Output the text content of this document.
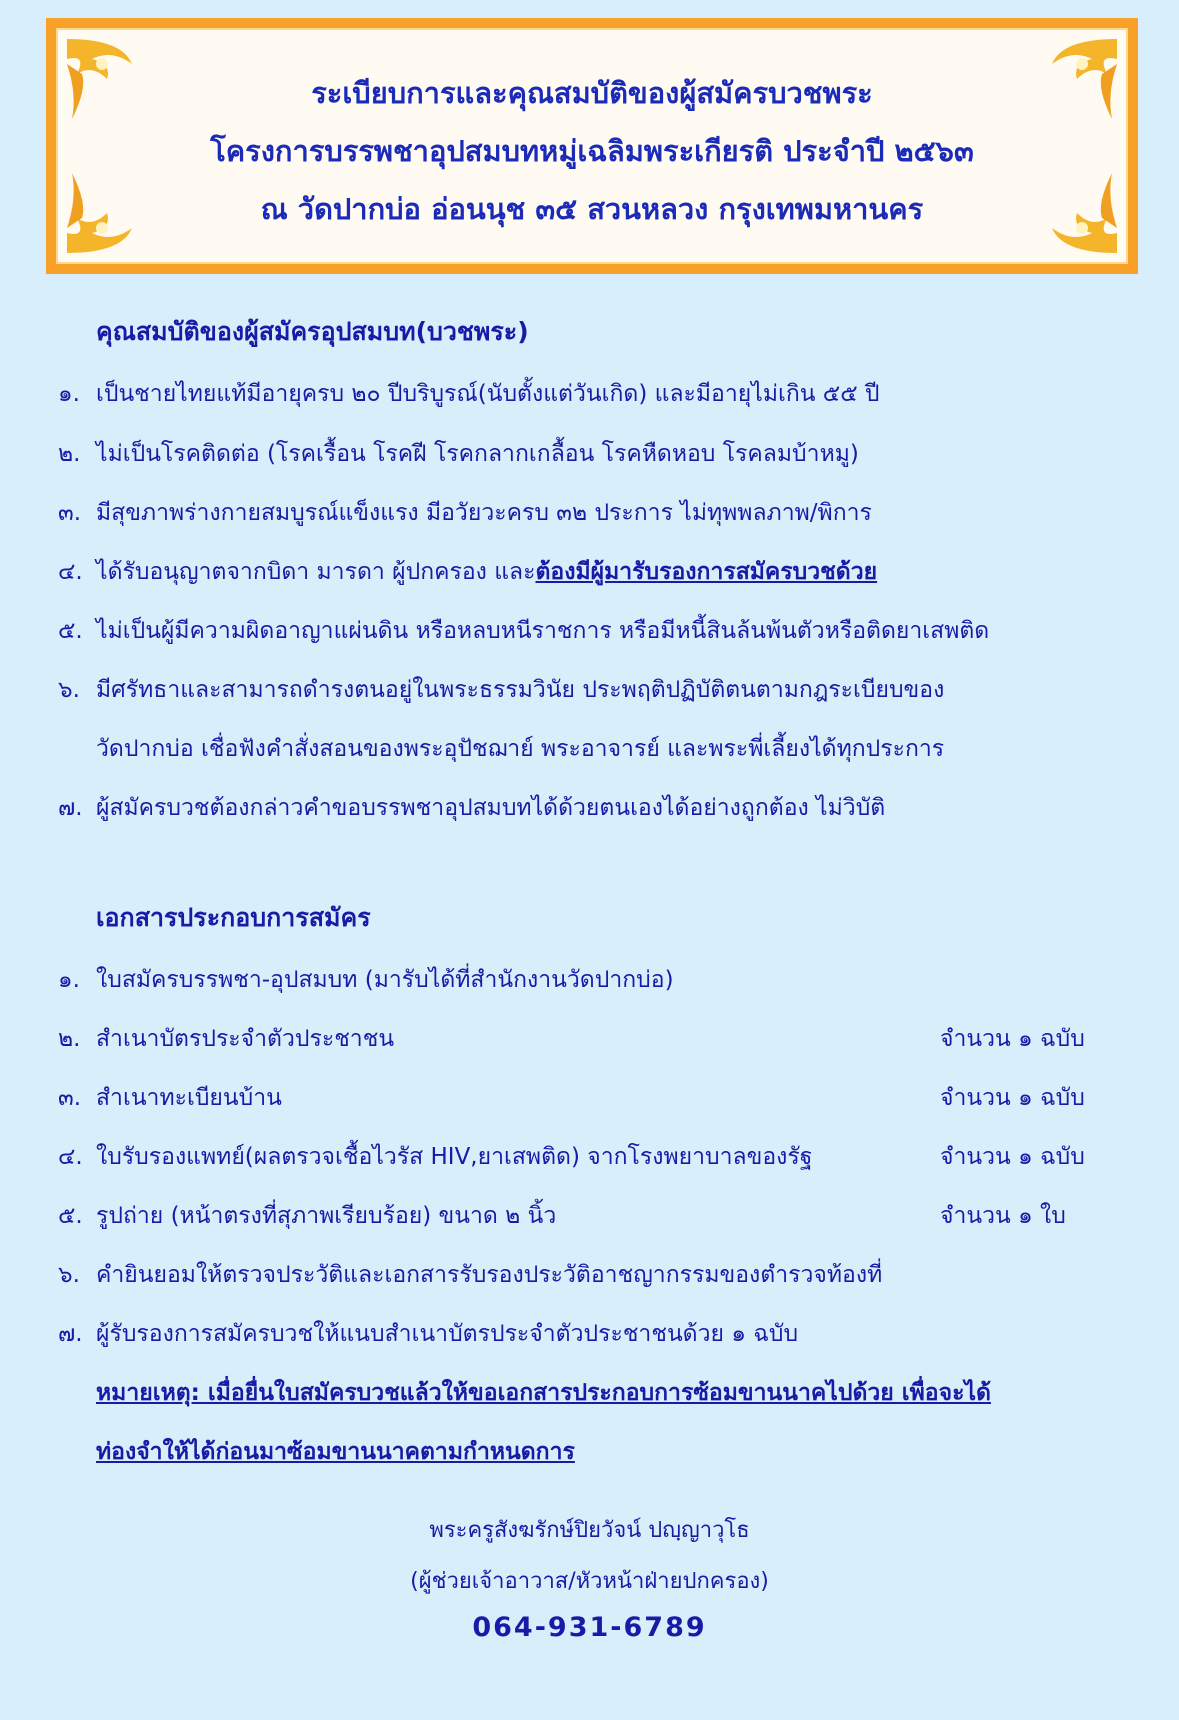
ระเบียบการและคุณสมบัติของผู้สมัครบวชพระ
โครงการบรรพชาอุปสมบทหมู่เฉลิมพระเกียรติ ประจำปี ๒๕๖๓
ณ วัดปากบ่อ อ่อนนุช ๓๕ สวนหลวง กรุงเทพมหานคร
คุณสมบัติของผู้สมัครอุปสมบท(บวชพระ)
๑. เป็นชายไทยแท้มีอายุครบ ๒๐ ปีบริบูรณ์(นับตั้งแต่วันเกิด) และมีอายุไม่เกิน ๕๕ ปี
๒. ไม่เป็นโรคติดต่อ (โรคเรื้อน โรคฝี โรคกลากเกลื้อน โรคหืดหอบ โรคลมบ้าหมู)
๓. มีสุขภาพร่างกายสมบูรณ์แข็งแรง มีอวัยวะครบ ๓๒ ประการ ไม่ทุพพลภาพ/พิการ
๔. ได้รับอนุญาตจากบิดา มารดา ผู้ปกครอง และต้องมีผู้มารับรองการสมัครบวชด้วย
๕. ไม่เป็นผู้มีความผิดอาญาแผ่นดิน หรือหลบหนีราชการ หรือมีหนี้สินล้นพ้นตัวหรือติดยาเสพติด
๖. มีศรัทธาและสามารถดำรงตนอยู่ในพระธรรมวินัย ประพฤติปฏิบัติตนตามกฎระเบียบของ
วัดปากบ่อ เชื่อฟังคำสั่งสอนของพระอุปัชฌาย์ พระอาจารย์ และพระพี่เลี้ยงได้ทุกประการ
๗. ผู้สมัครบวชต้องกล่าวคำขอบรรพชาอุปสมบทได้ด้วยตนเองได้อย่างถูกต้อง ไม่วิบัติ
เอกสารประกอบการสมัคร
๑. ใบสมัครบรรพชา-อุปสมบท (มารับได้ที่สำนักงานวัดปากบ่อ)
๒. สำเนาบัตรประจำตัวประชาชน	จำนวน ๑ ฉบับ
๓. สำเนาทะเบียนบ้าน	จำนวน ๑ ฉบับ
๔. ใบรับรองแพทย์(ผลตรวจเชื้อไวรัส HIV,ยาเสพติด) จากโรงพยาบาลของรัฐ	จำนวน ๑ ฉบับ
๕. รูปถ่าย (หน้าตรงที่สุภาพเรียบร้อย) ขนาด ๒ นิ้ว	จำนวน ๑ ใบ
๖. คำยินยอมให้ตรวจประวัติและเอกสารรับรองประวัติอาชญากรรมของตำรวจท้องที่
๗. ผู้รับรองการสมัครบวชให้แนบสำเนาบัตรประจำตัวประชาชนด้วย ๑ ฉบับ
หมายเหตุ: เมื่อยื่นใบสมัครบวชแล้วให้ขอเอกสารประกอบการซ้อมขานนาคไปด้วย เพื่อจะได้
ท่องจำให้ได้ก่อนมาซ้อมขานนาคตามกำหนดการ
พระครูสังฆรักษ์ปิยวัจน์ ปญฺญาวุโธ
(ผู้ช่วยเจ้าอาวาส/หัวหน้าฝ่ายปกครอง)
064-931-6789
